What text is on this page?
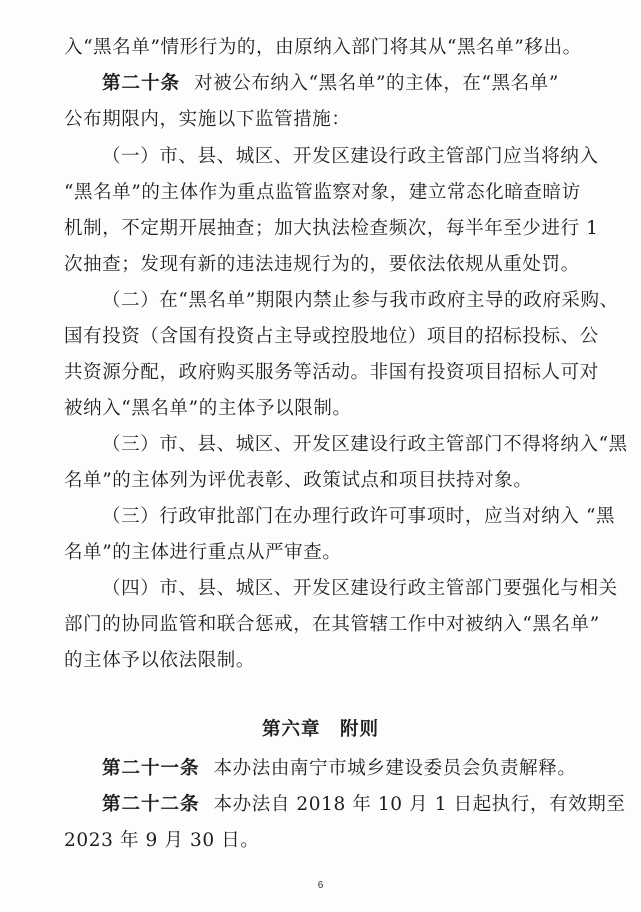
入“黑名单”情形行为的，由原纳入部门将其从“黑名单”移出。
第二十条 对被公布纳入“黑名单”的主体，在“黑名单”
公布期限内，实施以下监管措施：
（一）市、县、城区、开发区建设行政主管部门应当将纳入
“黑名单”的主体作为重点监管监察对象，建立常态化暗查暗访
机制，不定期开展抽查；加大执法检查频次，每半年至少进行 1
次抽查；发现有新的违法违规行为的，要依法依规从重处罚。
（二）在“黑名单”期限内禁止参与我市政府主导的政府采购、
国有投资（含国有投资占主导或控股地位）项目的招标投标、公
共资源分配，政府购买服务等活动。非国有投资项目招标人可对
被纳入“黑名单”的主体予以限制。
（三）市、县、城区、开发区建设行政主管部门不得将纳入“黑
名单”的主体列为评优表彰、政策试点和项目扶持对象。
（三）行政审批部门在办理行政许可事项时，应当对纳入 “黑
名单”的主体进行重点从严审查。
（四）市、县、城区、开发区建设行政主管部门要强化与相关
部门的协同监管和联合惩戒，在其管辖工作中对被纳入“黑名单”
的主体予以依法限制。
第六章　附则
第二十一条 本办法由南宁市城乡建设委员会负责解释。
第二十二条 本办法自 2018 年 10 月 1 日起执行，有效期至
2023 年 9 月 30 日。
6
